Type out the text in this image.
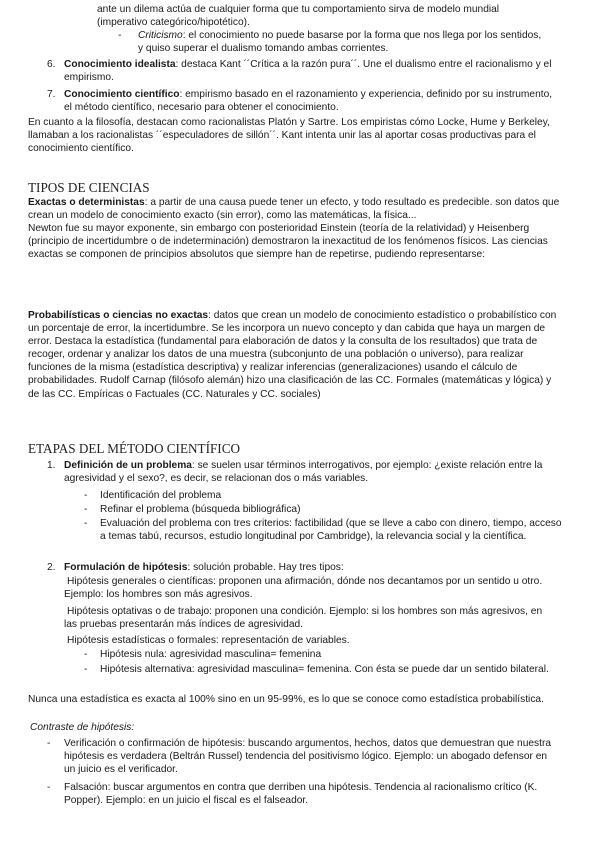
ante un dilema actúa de cualquier forma que tu comportamiento sirva de modelo mundial (imperativo categórico/hipotético).

- Criticismo: el conocimiento no puede basarse por la forma que nos llega por los sentidos, y quiso superar el dualismo tomando ambas corrientes.

6. Conocimiento idealista: destaca Kant ´´Crítica a la razón pura´´. Une el dualismo entre el racionalismo y el empirismo.

7. Conocimiento científico: empirismo basado en el razonamiento y experiencia, definido por su instrumento, el método científico, necesario para obtener el conocimiento.

En cuanto a la filosofía, destacan como racionalistas Platón y Sartre. Los empiristas cómo Locke, Hume y Berkeley, llamaban a los racionalistas ´´especuladores de sillón´´. Kant intenta unir las al aportar cosas productivas para el conocimiento científico.

TIPOS DE CIENCIAS

Exactas o deterministas: a partir de una causa puede tener un efecto, y todo resultado es predecible. son datos que crean un modelo de conocimiento exacto (sin error), como las matemáticas, la física...

Newton fue su mayor exponente, sin embargo con posterioridad Einstein (teoría de la relatividad) y Heisenberg (principio de incertidumbre o de indeterminación) demostraron la inexactitud de los fenómenos físicos. Las ciencias exactas se componen de principios absolutos que siempre han de repetirse, pudiendo representarse:

Probabilísticas o ciencias no exactas: datos que crean un modelo de conocimiento estadístico o probabilístico con un porcentaje de error, la incertidumbre. Se les incorpora un nuevo concepto y dan cabida que haya un margen de error. Destaca la estadística (fundamental para elaboración de datos y la consulta de los resultados) que trata de recoger, ordenar y analizar los datos de una muestra (subconjunto de una población o universo), para realizar funciones de la misma (estadística descriptiva) y realizar inferencias (generalizaciones) usando el cálculo de probabilidades. Rudolf Carnap (filósofo alemán) hizo una clasificación de las CC. Formales (matemáticas y lógica) y de las CC. Empíricas o Factuales (CC. Naturales y CC. sociales)

ETAPAS DEL MÉTODO CIENTÍFICO
1. Definición de un problema: se suelen usar términos interrogativos, por ejemplo: ¿existe relación entre la agresividad y el sexo?, es decir, se relacionan dos o más variables.

- Identificación del problema

- Refinar el problema (búsqueda bibliográfica)

- Evaluación del problema con tres criterios: factibilidad (que se lleve a cabo con dinero, tiempo, acceso a temas tabú, recursos, estudio longitudinal por Cambridge), la relevancia social y la científica.

2. Formulación de hipótesis: solución probable. Hay tres tipos:

Hipótesis generales o científicas: proponen una afirmación, dónde nos decantamos por un sentido u otro. Ejemplo: los hombres son más agresivos.

Hipótesis optativas o de trabajo: proponen una condición. Ejemplo: si los hombres son más agresivos, en las pruebas presentarán más índices de agresividad.

Hipótesis estadísticas o formales: representación de variables.

- Hipótesis nula: agresividad masculina= femenina

- Hipótesis alternativa: agresividad masculina= femenina. Con ésta se puede dar un sentido bilateral.

Nunca una estadística es exacta al 100% sino en un 95-99%, es lo que se conoce como estadística probabilística.

Contraste de hipótesis:

- Verificación o confirmación de hipótesis: buscando argumentos, hechos, datos que demuestran que nuestra hipótesis es verdadera (Beltrán Russel) tendencia del positivismo lógico. Ejemplo: un abogado defensor en un juicio es el verificador.

- Falsación: buscar argumentos en contra que derriben una hipótesis. Tendencia al racionalismo crítico (K. Popper). Ejemplo: en un juicio el fiscal es el falseador.
